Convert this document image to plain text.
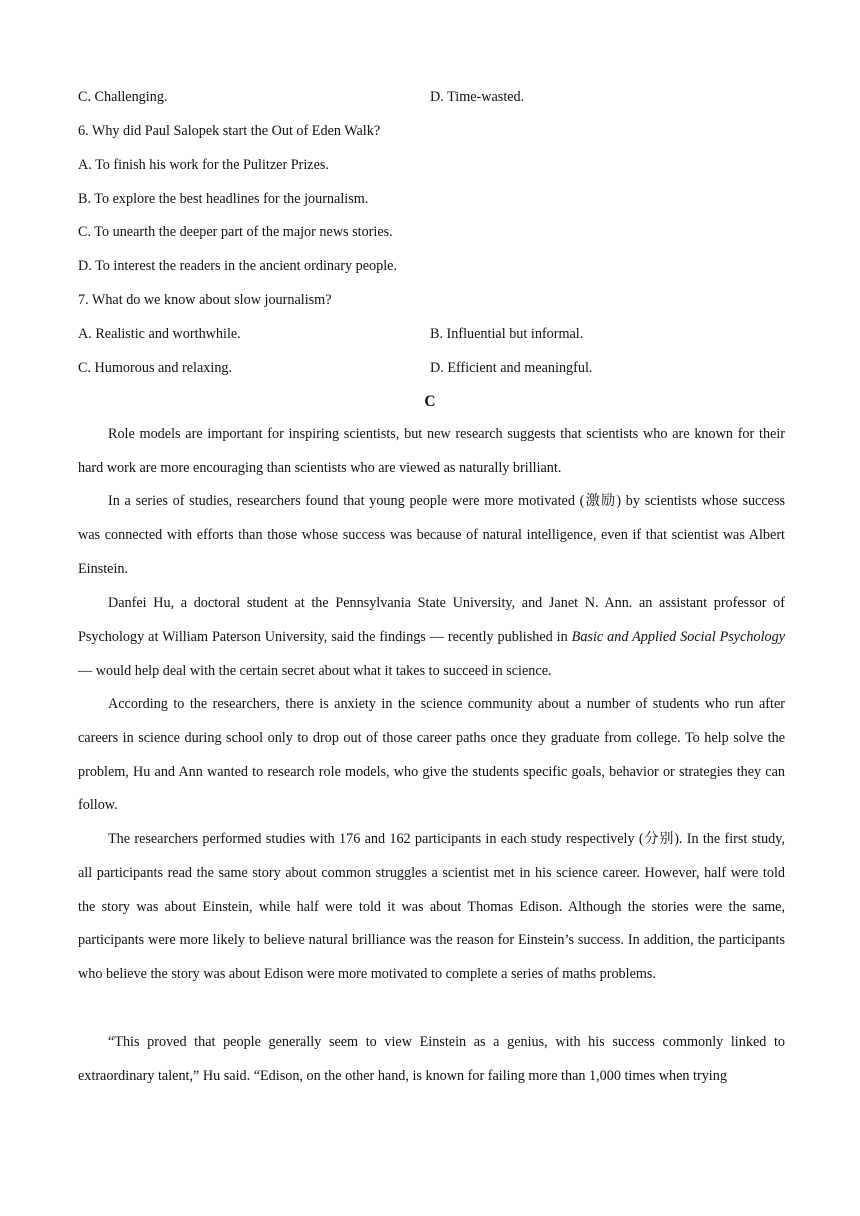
C. Challenging.	D. Time-wasted.
6. Why did Paul Salopek start the Out of Eden Walk?
A. To finish his work for the Pulitzer Prizes.
B. To explore the best headlines for the journalism.
C. To unearth the deeper part of the major news stories.
D. To interest the readers in the ancient ordinary people.
7. What do we know about slow journalism?
A. Realistic and worthwhile.	B. Influential but informal.
C. Humorous and relaxing.	D. Efficient and meaningful.
C
Role models are important for inspiring scientists, but new research suggests that scientists who are known for their hard work are more encouraging than scientists who are viewed as naturally brilliant.
In a series of studies, researchers found that young people were more motivated (激励) by scientists whose success was connected with efforts than those whose success was because of natural intelligence, even if that scientist was Albert Einstein.
Danfei Hu, a doctoral student at the Pennsylvania State University, and Janet N. Ann. an assistant professor of Psychology at William Paterson University, said the findings — recently published in Basic and Applied Social Psychology — would help deal with the certain secret about what it takes to succeed in science.
According to the researchers, there is anxiety in the science community about a number of students who run after careers in science during school only to drop out of those career paths once they graduate from college. To help solve the problem, Hu and Ann wanted to research role models, who give the students specific goals, behavior or strategies they can follow.
The researchers performed studies with 176 and 162 participants in each study respectively (分别). In the first study, all participants read the same story about common struggles a scientist met in his science career. However, half were told the story was about Einstein, while half were told it was about Thomas Edison. Although the stories were the same, participants were more likely to believe natural brilliance was the reason for Einstein’s success. In addition, the participants who believe the story was about Edison were more motivated to complete a series of maths problems.
“This proved that people generally seem to view Einstein as a genius, with his success commonly linked to extraordinary talent,” Hu said. “Edison, on the other hand, is known for failing more than 1,000 times when trying
